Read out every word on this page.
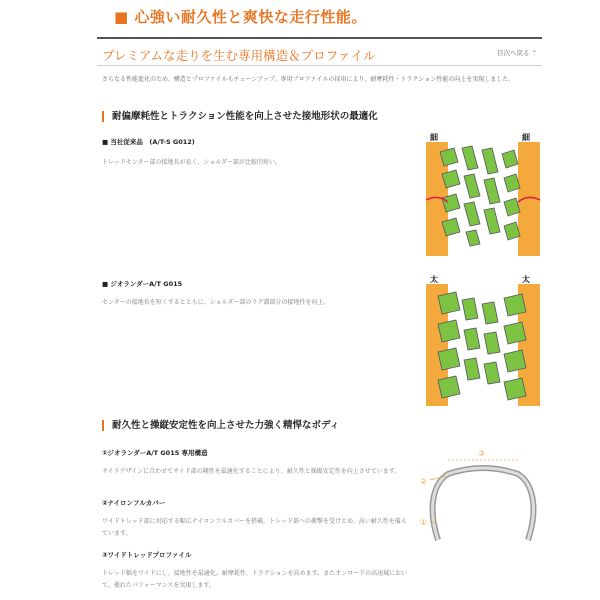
■ 心強い耐久性と爽快な走行性能。
プレミアムな走りを生む専用構造＆プロファイル	目次へ戻る ⌃
さらなる性能進化のため、構造とプロファイルもチューンアップ。専用プロファイルの採用により、耐摩耗性・トラクション性能の向上を実現しました。
耐偏摩耗性とトラクション性能を向上させた接地形状の最適化
■ 当社従来品　(A/T-S G012)
トレッドセンター部の接地長が長く、ショルダー部が比較的短い。
■ ジオランダーA/T G015
センターの接地長を短くするとともに、ショルダー部のラグ溝部分の接地性を向上。
細	細
太	太
耐久性と操縦安定性を向上させた力強く精悍なボディ
①ジオランダーA/T G015 専用構造
サイドデザインに合わせてサイド部の剛性を最適化することにより、耐久性と操縦安定性を向上させています。
②ナイロンフルカバー
ワイドトレッド部に対応する幅広ナイロンフルカバーを搭載。トレッド部への衝撃を受けとめ、高い耐久性を備えています。
③ワイドトレッドプロファイル
トレッド幅をワイドにし、接地性を最適化。耐摩耗性、トラクションを高めます。またオンロードの高速域において、優れたパフォーマンスを実現します。
③
②
①
